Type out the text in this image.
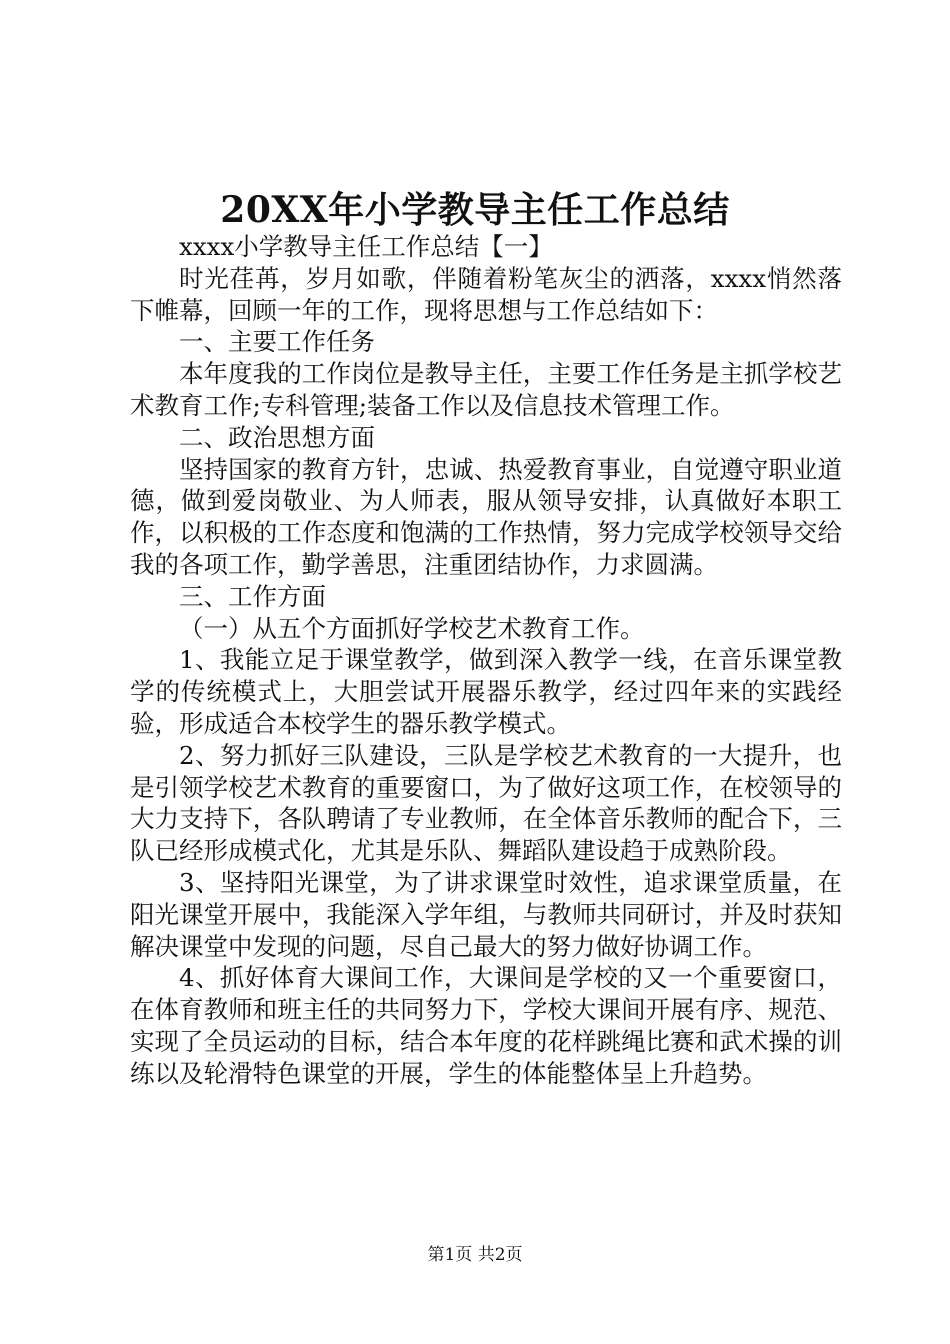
20XX年小学教导主任工作总结

xxxx小学教导主任工作总结【一】

时光荏苒，岁月如歌，伴随着粉笔灰尘的洒落，xxxx悄然落下帷幕，回顾一年的工作，现将思想与工作总结如下：

一、主要工作任务

本年度我的工作岗位是教导主任，主要工作任务是主抓学校艺术教育工作;专科管理;装备工作以及信息技术管理工作。

二、政治思想方面

坚持国家的教育方针，忠诚、热爱教育事业，自觉遵守职业道德，做到爱岗敬业、为人师表，服从领导安排，认真做好本职工作，以积极的工作态度和饱满的工作热情，努力完成学校领导交给我的各项工作，勤学善思，注重团结协作，力求圆满。

三、工作方面

（一）从五个方面抓好学校艺术教育工作。

1、我能立足于课堂教学，做到深入教学一线，在音乐课堂教学的传统模式上，大胆尝试开展器乐教学，经过四年来的实践经验，形成适合本校学生的器乐教学模式。

2、努力抓好三队建设，三队是学校艺术教育的一大提升，也是引领学校艺术教育的重要窗口，为了做好这项工作，在校领导的大力支持下，各队聘请了专业教师，在全体音乐教师的配合下，三队已经形成模式化，尤其是乐队、舞蹈队建设趋于成熟阶段。

3、坚持阳光课堂，为了讲求课堂时效性，追求课堂质量，在阳光课堂开展中，我能深入学年组，与教师共同研讨，并及时获知解决课堂中发现的问题，尽自己最大的努力做好协调工作。

4、抓好体育大课间工作，大课间是学校的又一个重要窗口，在体育教师和班主任的共同努力下，学校大课间开展有序、规范、实现了全员运动的目标，结合本年度的花样跳绳比赛和武术操的训练以及轮滑特色课堂的开展，学生的体能整体呈上升趋势。

第1页 共2页
